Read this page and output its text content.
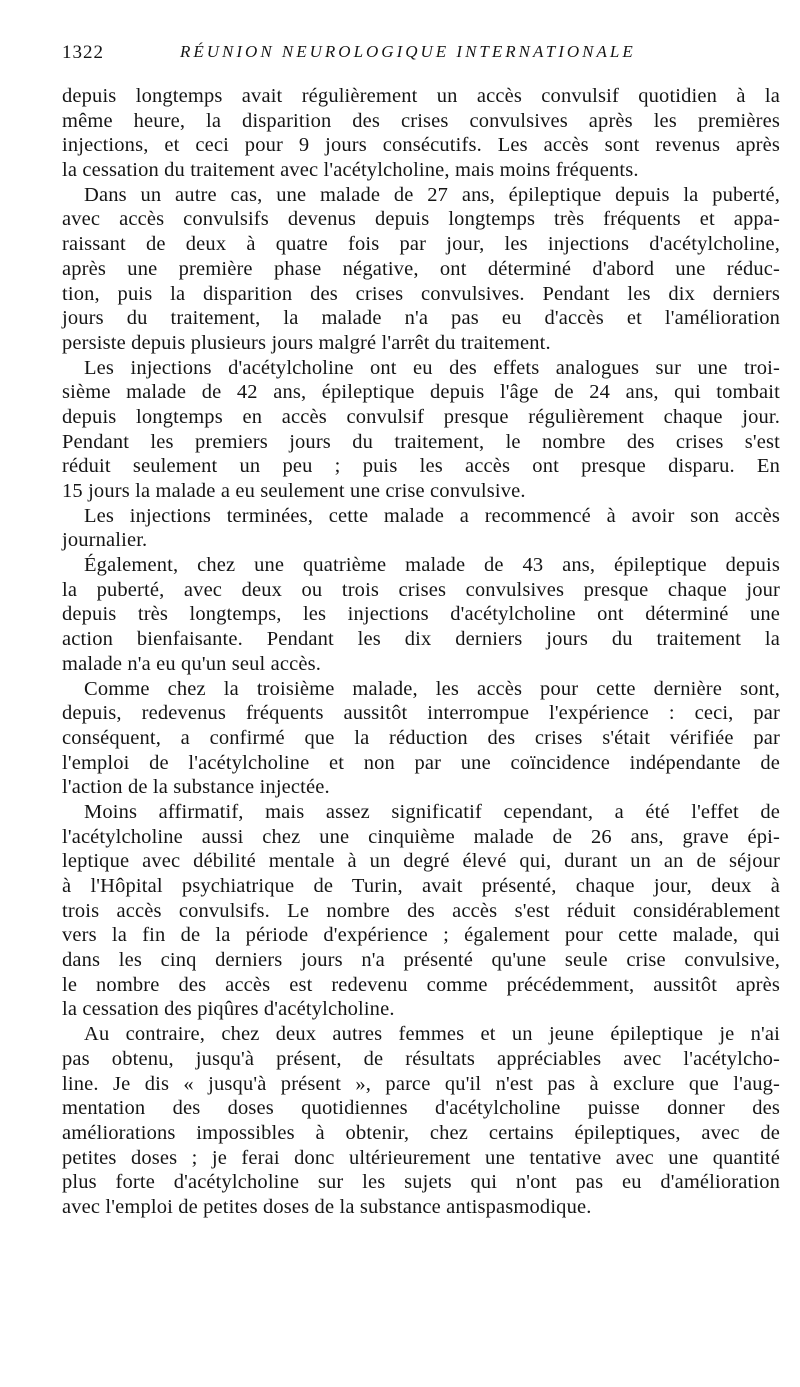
1322	RÉUNION NEUROLOGIQUE INTERNATIONALE
depuis longtemps avait régulièrement un accès convulsif quotidien à la
même heure, la disparition des crises convulsives après les premières
injections, et ceci pour 9 jours consécutifs. Les accès sont revenus après
la cessation du traitement avec l'acétylcholine, mais moins fréquents.
Dans un autre cas, une malade de 27 ans, épileptique depuis la puberté,
avec accès convulsifs devenus depuis longtemps très fréquents et appa-
raissant de deux à quatre fois par jour, les injections d'acétylcholine,
après une première phase négative, ont déterminé d'abord une réduc-
tion, puis la disparition des crises convulsives. Pendant les dix derniers
jours du traitement, la malade n'a pas eu d'accès et l'amélioration
persiste depuis plusieurs jours malgré l'arrêt du traitement.
Les injections d'acétylcholine ont eu des effets analogues sur une troi-
sième malade de 42 ans, épileptique depuis l'âge de 24 ans, qui tombait
depuis longtemps en accès convulsif presque régulièrement chaque jour.
Pendant les premiers jours du traitement, le nombre des crises s'est
réduit seulement un peu ; puis les accès ont presque disparu. En
15 jours la malade a eu seulement une crise convulsive.
Les injections terminées, cette malade a recommencé à avoir son accès
journalier.
Également, chez une quatrième malade de 43 ans, épileptique depuis
la puberté, avec deux ou trois crises convulsives presque chaque jour
depuis très longtemps, les injections d'acétylcholine ont déterminé une
action bienfaisante. Pendant les dix derniers jours du traitement la
malade n'a eu qu'un seul accès.
Comme chez la troisième malade, les accès pour cette dernière sont,
depuis, redevenus fréquents aussitôt interrompue l'expérience : ceci, par
conséquent, a confirmé que la réduction des crises s'était vérifiée par
l'emploi de l'acétylcholine et non par une coïncidence indépendante de
l'action de la substance injectée.
Moins affirmatif, mais assez significatif cependant, a été l'effet de
l'acétylcholine aussi chez une cinquième malade de 26 ans, grave épi-
leptique avec débilité mentale à un degré élevé qui, durant un an de séjour
à l'Hôpital psychiatrique de Turin, avait présenté, chaque jour, deux à
trois accès convulsifs. Le nombre des accès s'est réduit considérablement
vers la fin de la période d'expérience ; également pour cette malade, qui
dans les cinq derniers jours n'a présenté qu'une seule crise convulsive,
le nombre des accès est redevenu comme précédemment, aussitôt après
la cessation des piqûres d'acétylcholine.
Au contraire, chez deux autres femmes et un jeune épileptique je n'ai
pas obtenu, jusqu'à présent, de résultats appréciables avec l'acétylcho-
line. Je dis « jusqu'à présent », parce qu'il n'est pas à exclure que l'aug-
mentation des doses quotidiennes d'acétylcholine puisse donner des
améliorations impossibles à obtenir, chez certains épileptiques, avec de
petites doses ; je ferai donc ultérieurement une tentative avec une quantité
plus forte d'acétylcholine sur les sujets qui n'ont pas eu d'amélioration
avec l'emploi de petites doses de la substance antispasmodique.
